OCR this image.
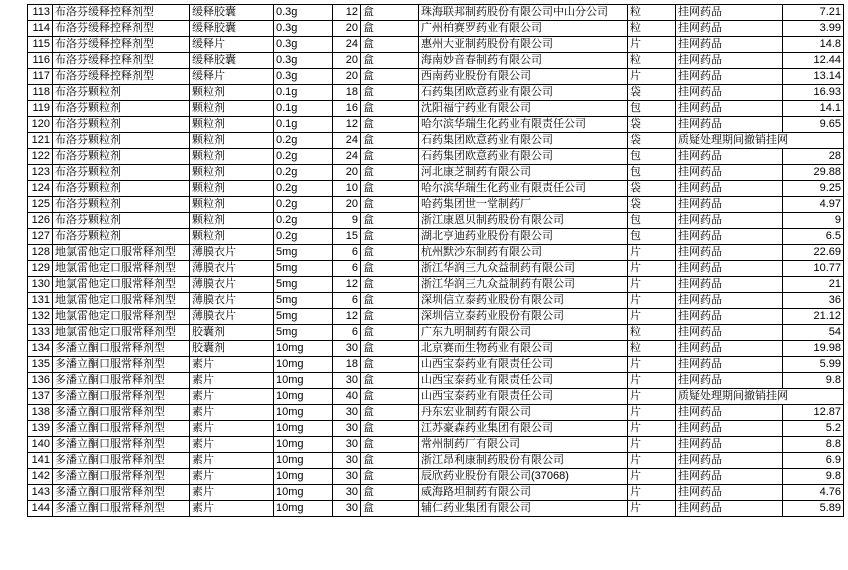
113	布洛芬缓释控释剂型	缓释胶囊	0.3g	12	盒	珠海联邦制药股份有限公司中山分公司	粒	挂网药品	7.21
114	布洛芬缓释控释剂型	缓释胶囊	0.3g	20	盒	广州柏赛罗药业有限公司	粒	挂网药品	3.99
115	布洛芬缓释控释剂型	缓释片	0.3g	24	盒	惠州大亚制药股份有限公司	片	挂网药品	14.8
116	布洛芬缓释控释剂型	缓释胶囊	0.3g	20	盒	海南妙音春制药有限公司	粒	挂网药品	12.44
117	布洛芬缓释控释剂型	缓释片	0.3g	20	盒	西南药业股份有限公司	片	挂网药品	13.14
118	布洛芬颗粒剂	颗粒剂	0.1g	18	盒	石药集团欧意药业有限公司	袋	挂网药品	16.93
119	布洛芬颗粒剂	颗粒剂	0.1g	16	盒	沈阳福宁药业有限公司	包	挂网药品	14.1
120	布洛芬颗粒剂	颗粒剂	0.1g	12	盒	哈尔滨华瑞生化药业有限责任公司	袋	挂网药品	9.65
121	布洛芬颗粒剂	颗粒剂	0.2g	24	盒	石药集团欧意药业有限公司	袋	质疑处理期间撤销挂网	
122	布洛芬颗粒剂	颗粒剂	0.2g	24	盒	石药集团欧意药业有限公司	包	挂网药品	28
123	布洛芬颗粒剂	颗粒剂	0.2g	20	盒	河北康芝制药有限公司	包	挂网药品	29.88
124	布洛芬颗粒剂	颗粒剂	0.2g	10	盒	哈尔滨华瑞生化药业有限责任公司	袋	挂网药品	9.25
125	布洛芬颗粒剂	颗粒剂	0.2g	20	盒	哈药集团世一堂制药厂	袋	挂网药品	4.97
126	布洛芬颗粒剂	颗粒剂	0.2g	9	盒	浙江康恩贝制药股份有限公司	包	挂网药品	9
127	布洛芬颗粒剂	颗粒剂	0.2g	15	盒	湖北亨迪药业股份有限公司	包	挂网药品	6.5
128	地氯雷他定口服常释剂型	薄膜衣片	5mg	6	盒	杭州默沙东制药有限公司	片	挂网药品	22.69
129	地氯雷他定口服常释剂型	薄膜衣片	5mg	6	盒	浙江华润三九众益制药有限公司	片	挂网药品	10.77
130	地氯雷他定口服常释剂型	薄膜衣片	5mg	12	盒	浙江华润三九众益制药有限公司	片	挂网药品	21
131	地氯雷他定口服常释剂型	薄膜衣片	5mg	6	盒	深圳信立泰药业股份有限公司	片	挂网药品	36
132	地氯雷他定口服常释剂型	薄膜衣片	5mg	12	盒	深圳信立泰药业股份有限公司	片	挂网药品	21.12
133	地氯雷他定口服常释剂型	胶囊剂	5mg	6	盒	广东九明制药有限公司	粒	挂网药品	54
134	多潘立酮口服常释剂型	胶囊剂	10mg	30	盒	北京赛而生物药业有限公司	粒	挂网药品	19.98
135	多潘立酮口服常释剂型	素片	10mg	18	盒	山西宝泰药业有限责任公司	片	挂网药品	5.99
136	多潘立酮口服常释剂型	素片	10mg	30	盒	山西宝泰药业有限责任公司	片	挂网药品	9.8
137	多潘立酮口服常释剂型	素片	10mg	40	盒	山西宝泰药业有限责任公司	片	质疑处理期间撤销挂网	
138	多潘立酮口服常释剂型	素片	10mg	30	盒	丹东宏业制药有限公司	片	挂网药品	12.87
139	多潘立酮口服常释剂型	素片	10mg	30	盒	江苏豪森药业集团有限公司	片	挂网药品	5.2
140	多潘立酮口服常释剂型	素片	10mg	30	盒	常州制药厂有限公司	片	挂网药品	8.8
141	多潘立酮口服常释剂型	素片	10mg	30	盒	浙江昂利康制药股份有限公司	片	挂网药品	6.9
142	多潘立酮口服常释剂型	素片	10mg	30	盒	辰欣药业股份有限公司(37068)	片	挂网药品	9.8
143	多潘立酮口服常释剂型	素片	10mg	30	盒	威海路坦制药有限公司	片	挂网药品	4.76
144	多潘立酮口服常释剂型	素片	10mg	30	盒	辅仁药业集团有限公司	片	挂网药品	5.89
